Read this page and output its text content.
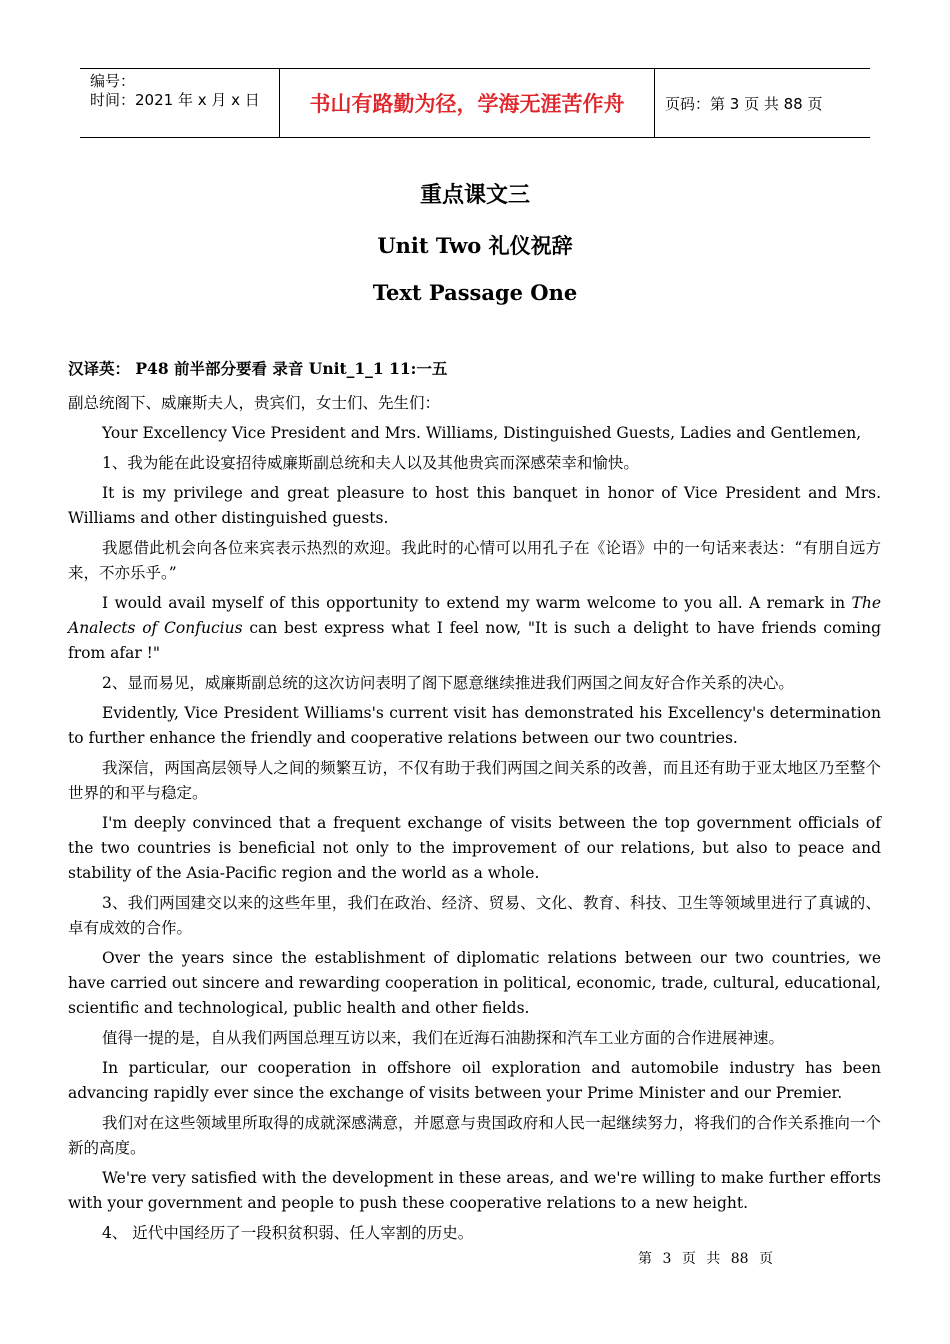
编号：
时间：2021 年 x 月 x 日	书山有路勤为径，学海无涯苦作舟	页码：第 3 页 共 88 页
重点课文三
Unit Two 礼仪祝辞
Text Passage One

汉译英： P48 前半部分要看 录音 Unit_1_1 11:一五

副总统阁下、威廉斯夫人，贵宾们，女士们、先生们：

Your Excellency Vice President and Mrs. Williams, Distinguished Guests, Ladies and Gentlemen,

1、我为能在此设宴招待威廉斯副总统和夫人以及其他贵宾而深感荣幸和愉快。

It is my privilege and great pleasure to host this banquet in honor of Vice President and Mrs. Williams and other distinguished guests.

我愿借此机会向各位来宾表示热烈的欢迎。我此时的心情可以用孔子在《论语》中的一句话来表达：“有朋自远方来，不亦乐乎。”

I would avail myself of this opportunity to extend my warm welcome to you all. A remark in The Analects of Confucius can best express what I feel now, "It is such a delight to have friends coming from afar !"

2、显而易见，威廉斯副总统的这次访问表明了阁下愿意继续推进我们两国之间友好合作关系的决心。

Evidently, Vice President Williams's current visit has demonstrated his Excellency's determination to further enhance the friendly and cooperative relations between our two countries.

我深信，两国高层领导人之间的频繁互访，不仅有助于我们两国之间关系的改善，而且还有助于亚太地区乃至整个世界的和平与稳定。

I'm deeply convinced that a frequent exchange of visits between the top government officials of the two countries is beneficial not only to the improvement of our relations, but also to peace and stability of the Asia-Pacific region and the world as a whole.

3、我们两国建交以来的这些年里，我们在政治、经济、贸易、文化、教育、科技、卫生等领域里进行了真诚的、卓有成效的合作。

Over the years since the establishment of diplomatic relations between our two countries, we have carried out sincere and rewarding cooperation in political, economic, trade, cultural, educational, scientific and technological, public health and other fields.

值得一提的是，自从我们两国总理互访以来，我们在近海石油勘探和汽车工业方面的合作进展神速。

In particular, our cooperation in offshore oil exploration and automobile industry has been advancing rapidly ever since the exchange of visits between your Prime Minister and our Premier.

我们对在这些领域里所取得的成就深感满意，并愿意与贵国政府和人民一起继续努力，将我们的合作关系推向一个新的高度。

We're very satisfied with the development in these areas, and we're willing to make further efforts with your government and people to push these cooperative relations to a new height.

4、 近代中国经历了一段积贫积弱、任人宰割的历史。

第 3 页 共 88 页
